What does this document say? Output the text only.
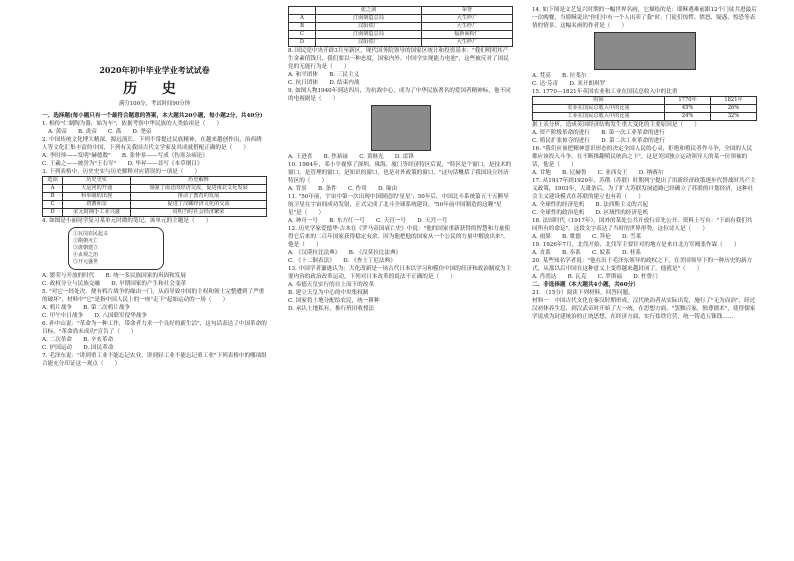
2020年初中毕业学业考试试卷
历 史
满分100分，考试时间90分钟

一、选择题(每小题只有一个最符合题意的答案，本大题共20小题，每小题2分，共40分)

1. 相传"仁制陶为器，始为车"，依据考察中华民族的人类始祖是（　　）

A. 黄帝　　B. 炎帝　　C. 禹　　D. 尧帝

2. 中国传统文化博大精深，源远流长。下列不常提过民族精神，在越来越创作出，治西绣人等文化汇集丰富的中国，下列有关我国古代文学家及其成就搭配正确的是（　　）

A. 李时珍——发明"赫德数"　　B. 张仲景——写成《伤寒杂病论》

C. 王羲之——被誉为"王右军"　　D. 毕昇——首写《本草纲目》

3. 下列表格中，历史史实与历史解释对应错误的一项是（　　）

选项	历史史实	历史解释
A	大运河的开通	加强了南北的经济交流，促进南北文化发展
B	科举制的出现	推动了教育的发展
C	唐蕃和亲	促进了汉藏经济文化的交流
D	宋元时期手工业兴盛	说明当时社会经济繁荣

4. 如图是小丽同学复习某单元时做的笔记，该单元的主题是（　　）

①瓦岗农民起义
②隋朝灭亡
③唐朝建立
④贞观之治
⑤开元盛世

A. 繁荣与开放的时代　　B. 统一多民族国家的巩固和发展

C. 政权分立与民族交融　　D. 早期国家的产生和社会变革

5. "对它一经处决，便有鸦片战争的缘由一门，从而导致中国的主权和领土完整遭到了严重的破坏"，材料中"它"是指中国人民上的一座"走下"起始运动的一场（　　）

A. 鸦片战争　　B. 第二次鸦片战争

C. 甲午中日战争　　D. 八国联军侵华战争

6. 孙中山说："革命为一种工作，带命者力求一个良好的新生活"，这句话表达了中国革命的目标，"革命尚未成功"宣告了（　　）

A. 二次革命　　B. 辛亥革命

C. 护国运动　　D. 国民革命

7. 毛泽东说："讲到重工业不能忘记农业，讲到轻工业不能忘记重工业"下列表格中的哪项组合能充分印证这一观点（　　）

	张之洞	荣誉
A	江南制造总局	大生纱厂
B	汉阳铁厂	大生纱厂
C	江南制造总局	福新面粉厂
D	汉阳铁厂	大生纱厂

8. 国民党中央开辟3月至新区，现代国务院领导的国家区统计和投资基本："我们明明其产生金素值钱只、我们要以一种态度，国家内外、中国全实现能力电池"，这些被反对了国民党的无能行为是（　　）

A. 和平团体　　B. 三民主义

C. 抗日团体　　D. 结束内战

9. 如图人物1940年到达四川，为抗战中心，成为了中华民族著名的爱国者精神标，他不同的电视剧是（　　）

A. 王进喜　　B. 焦裕禄　　C. 黄继光　　D. 雷锋

10. 1984年，邓小平视察了深圳、珠海、厦门等经济特区后说，"特区是个窗口，是技术的窗口，是管理的窗口，是知识的窗口，也是对外政策的窗口。"这句话概括了我国设立经济特区的（　　）

A. 背景　　B. 条件　　C. 作用　　D. 缘由

11. "50年前，宇宙中第一次出现中国制造的'星星'；50年后，中国北斗系统第五十五颗导航卫星在宇宙间成功发射，正式完成了北斗全球系统建设。"50年前中国制造的这颗"星星"是（　　）

A. 神舟一号　　B. 东方红一号　　C. 天宫一号　　D. 天宫一号

12. 历史学家爱德华·吉本在《罗马帝国衰亡史》中说："他的国家重新获得的智慧和力量使得它后来的二百年国家获得稳定有余，因为他把他的国家从一个公民的力量中解放出来"，他是（　　）

A. 《汉谟拉比法典》　　B. 《汉莫拉比法典》

C. 《十二铜表法》　　D. 《查士丁尼法典》

13. 中国学者谦逊认为：大化改新是一场古代日本以学习和模仿中国的经济和政治制度为主要内容的政治改革运动，下列对日本改革的说法不正确的是（　　）

A. 奉德天皇实行的自上而下的改革

B. 建立天皇为中心的中央集权制

C. 国家将土地分配给农民，统一耕种

D. 承认土地私有，推行班田收授法

14. 如下图是文艺复兴时期的一幅世界名画，它描绘的是：耶稣遇难前跟12个门徒共进最后一次晚餐，当耶稣说出"你们中有一个人出卖了我"时，门徒们惊愕、愤怒、疑惑、惶恐等表情的情景，这幅名画的作者是（　　）

A. 梵高　　B. 拉斐尔

C. 达·芬奇　　D. 米开朗琪罗

15. 1770—1821年英国农业和工业在国民总收入中的比重

时间	1770年	1821年
农业在国民总收入中的比重	45%	26%
工业在国民总收入中的比重	24%	32%

据上表分析，造成英国经济结构发生重大变化的主要原因是（　　）

A. 资产阶级革命的进行　　B. 第一次工业革命的进行

C. 殖民扩张掠夺的进行　　D. 第二次工业革命的进行

16. "我们应该把精神意识形态的决定全国人民的心灵，拒绝和殖民者作斗争，全国的人民都应该投入斗争，在不断推翻殖民统治之下"，这是美国独立运动领导人的某一位领袖的话，他是（　　）

A. 甘地　　B. 尼赫鲁　　C. 亚西女王　　D. 纳赛尔

17. 从1917年到1929年，苏俄（苏联）时期列宁提出了用新经济政策逐步代替战时共产主义政策，1903年，大萧条后，为了扩大苏联发展道路已经确立了苏联的计划经济，这种社会主义建设模式在苏联的建立也有着（　　）

A. 全球性的经济危机　　B. 法西斯主义的兴起

C. 全球性的政治危机　　D. 区域性的经济危机

18. 法国时代（1917年），国外的某处公共开放行首先公开，资料上写有："下面有我们共同所有的命运"，这段文字表达了当时的世界形势，这位诗人是（　　）

A. 雨果　　B. 歌德　　C. 拜伦　　D. 雪莱

19. 1926年7月，北伐开始，北伐军主要针对的地方是来自北方军阀张作霖（　　）

A. 直系　　B. 奉系　　C. 皖系　　D. 桂系

20. 某些知名学者说："他在出于毛泽东领导的政权之下，在美国领导下的一种历史的新方式，从那以后中国在这种意义上变得越来越封闭了，他就是"（　　）

A. 肖尚达　　B. 瓦克　　C. 罗斯福　　D. 杜鲁门

二、非选择题（本大题共4小题，共60分）

21. （15分）阅读下列材料，回答问题。

材料一　中国古代文化在秦汉时期形成，汉代统治者从实际出发，施行了"无为而治"，经过汉初休养生息，到汉武帝时开始了大一统，在思想方面，"罢黜百家，独尊儒术"，使得儒家学说成为封建统治的正统思想，在经济方面，实行盐铁官营，统一铸造五铢钱……
